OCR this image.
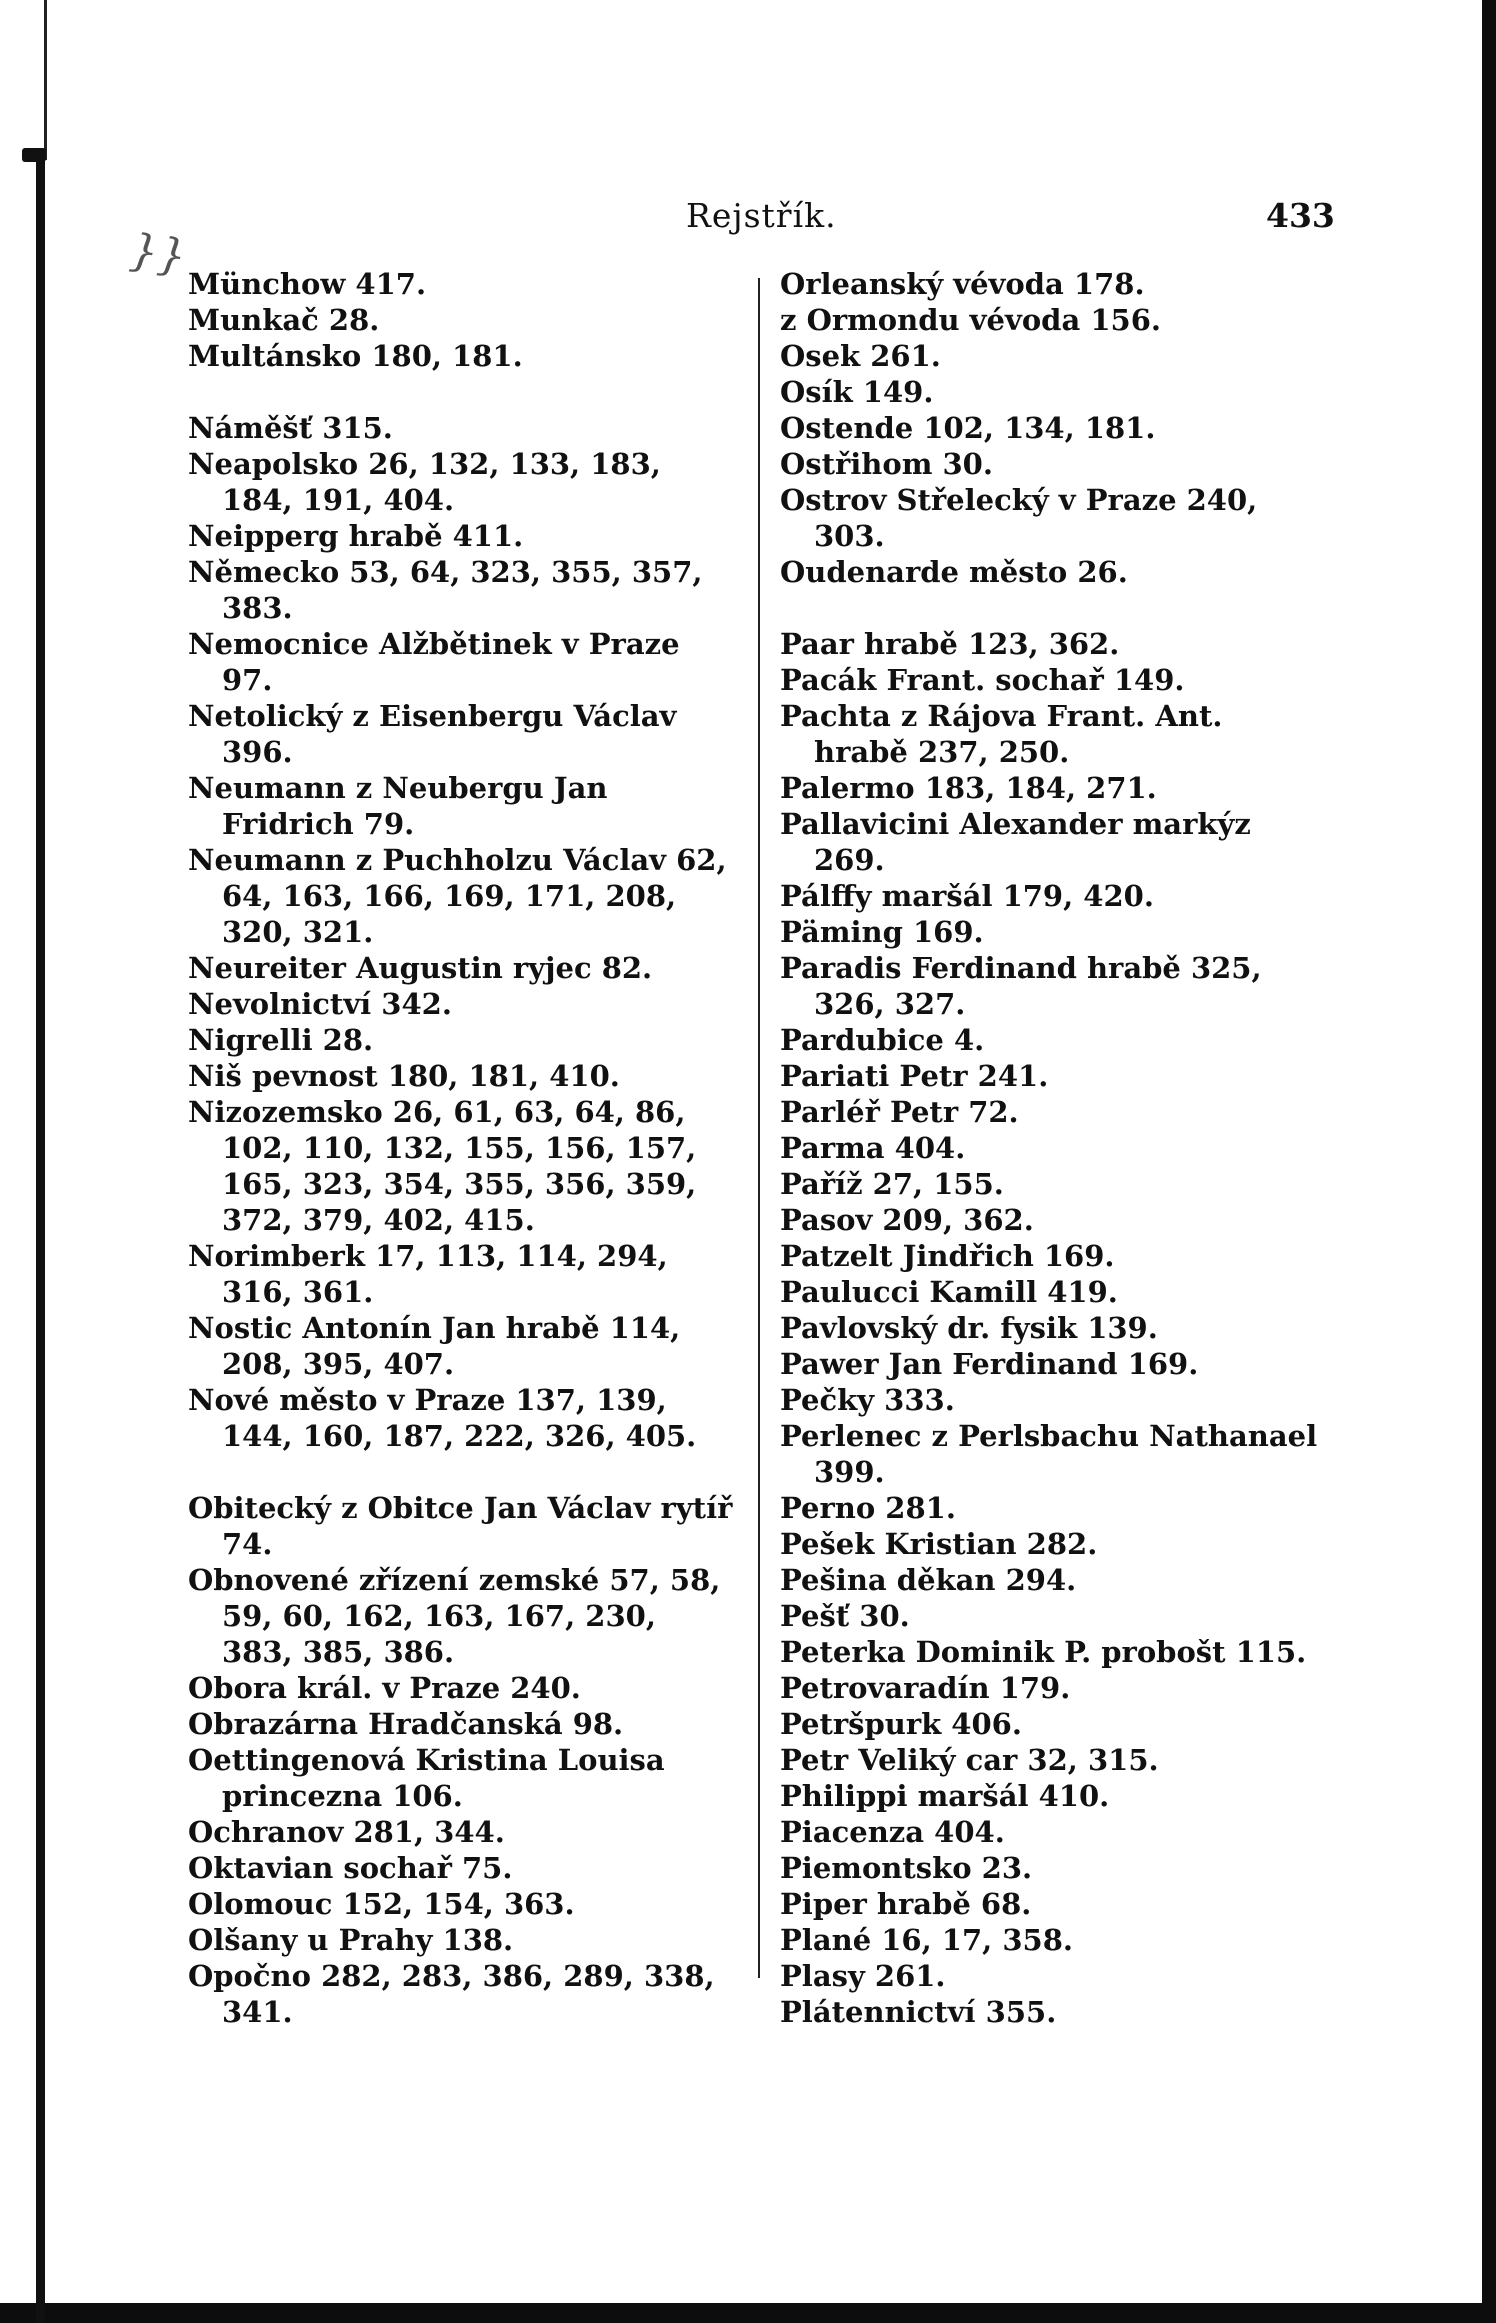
}}
Rejstřík.	433
Münchow 417.
Munkač 28.
Multánsko 180, 181.
Náměšť 315.
Neapolsko 26, 132, 133, 183, 184, 191, 404.
Neipperg hrabě 411.
Německo 53, 64, 323, 355, 357, 383.
Nemocnice Alžbětinek v Praze 97.
Netolický z Eisenbergu Václav 396.
Neumann z Neubergu Jan Fridrich 79.
Neumann z Puchholzu Václav 62, 64, 163, 166, 169, 171, 208, 320, 321.
Neureiter Augustin ryjec 82.
Nevolnictví 342.
Nigrelli 28.
Niš pevnost 180, 181, 410.
Nizozemsko 26, 61, 63, 64, 86, 102, 110, 132, 155, 156, 157, 165, 323, 354, 355, 356, 359, 372, 379, 402, 415.
Norimberk 17, 113, 114, 294, 316, 361.
Nostic Antonín Jan hrabě 114, 208, 395, 407.
Nové město v Praze 137, 139, 144, 160, 187, 222, 326, 405.
Obitecký z Obitce Jan Václav rytíř 74.
Obnovené zřízení zemské 57, 58, 59, 60, 162, 163, 167, 230, 383, 385, 386.
Obora král. v Praze 240.
Obrazárna Hradčanská 98.
Oettingenová Kristina Louisa princezna 106.
Ochranov 281, 344.
Oktavian sochař 75.
Olomouc 152, 154, 363.
Olšany u Prahy 138.
Opočno 282, 283, 386, 289, 338, 341.
Orleanský vévoda 178.
z Ormondu vévoda 156.
Osek 261.
Osík 149.
Ostende 102, 134, 181.
Ostřihom 30.
Ostrov Střelecký v Praze 240, 303.
Oudenarde město 26.
Paar hrabě 123, 362.
Pacák Frant. sochař 149.
Pachta z Rájova Frant. Ant. hrabě 237, 250.
Palermo 183, 184, 271.
Pallavicini Alexander markýz 269.
Pálffy maršál 179, 420.
Päming 169.
Paradis Ferdinand hrabě 325, 326, 327.
Pardubice 4.
Pariati Petr 241.
Parléř Petr 72.
Parma 404.
Paříž 27, 155.
Pasov 209, 362.
Patzelt Jindřich 169.
Paulucci Kamill 419.
Pavlovský dr. fysik 139.
Pawer Jan Ferdinand 169.
Pečky 333.
Perlenec z Perlsbachu Nathanael 399.
Perno 281.
Pešek Kristian 282.
Pešina děkan 294.
Pešť 30.
Peterka Dominik P. probošt 115.
Petrovaradín 179.
Petršpurk 406.
Petr Veliký car 32, 315.
Philippi maršál 410.
Piacenza 404.
Piemontsko 23.
Piper hrabě 68.
Plané 16, 17, 358.
Plasy 261.
Plátennictví 355.
